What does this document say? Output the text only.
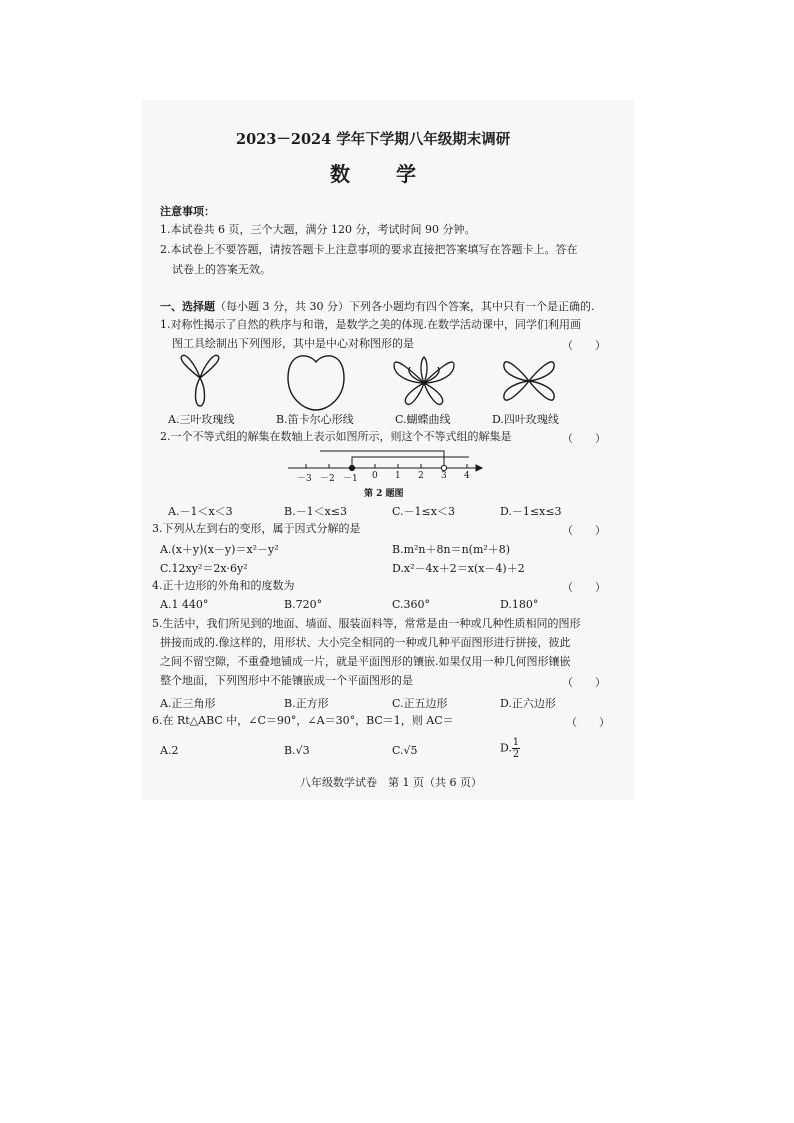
2023－2024 学年下学期八年级期末调研
数　　学
注意事项：
1.本试卷共 6 页，三个大题，满分 120 分，考试时间 90 分钟。
2.本试卷上不要答题，请按答题卡上注意事项的要求直接把答案填写在答题卡上。答在
试卷上的答案无效。
一、选择题（每小题 3 分，共 30 分）下列各小题均有四个答案，其中只有一个是正确的.
1.对称性揭示了自然的秩序与和谐，是数学之美的体现.在数学活动课中，同学们利用画
图工具绘制出下列图形，其中是中心对称图形的是	（　　）
A.三叶玫瑰线	B.笛卡尔心形线	C.蝴蝶曲线	D.四叶玫瑰线
2.一个不等式组的解集在数轴上表示如图所示，则这个不等式组的解集是	（　　）
－3 －2 －1 0 1 2 3 4
第 2 题图
A.－1＜x＜3	B.－1＜x≤3	C.－1≤x＜3	D.－1≤x≤3
3.下列从左到右的变形，属于因式分解的是	（　　）
A.(x＋y)(x－y)＝x²－y²	B.m²n＋8n＝n(m²＋8)
C.12xy²＝2x·6y²	D.x²－4x＋2＝x(x－4)＋2
4.正十边形的外角和的度数为	（　　）
A.1 440°	B.720°	C.360°	D.180°
5.生活中，我们所见到的地面、墙面、服装面料等，常常是由一种或几种性质相同的图形
拼接而成的.像这样的，用形状、大小完全相同的一种或几种平面图形进行拼接，彼此
之间不留空隙，不重叠地铺成一片，就是平面图形的镶嵌.如果仅用一种几何图形镶嵌
整个地面，下列图形中不能镶嵌成一个平面图形的是	（　　）
A.正三角形	B.正方形	C.正五边形	D.正六边形
6.在 Rt△ABC 中，∠C＝90°，∠A＝30°，BC＝1，则 AC＝	（　　）
A.2	B.√3	C.√5	D. $\frac{1}{2}$
八年级数学试卷　第 1 页（共 6 页）
